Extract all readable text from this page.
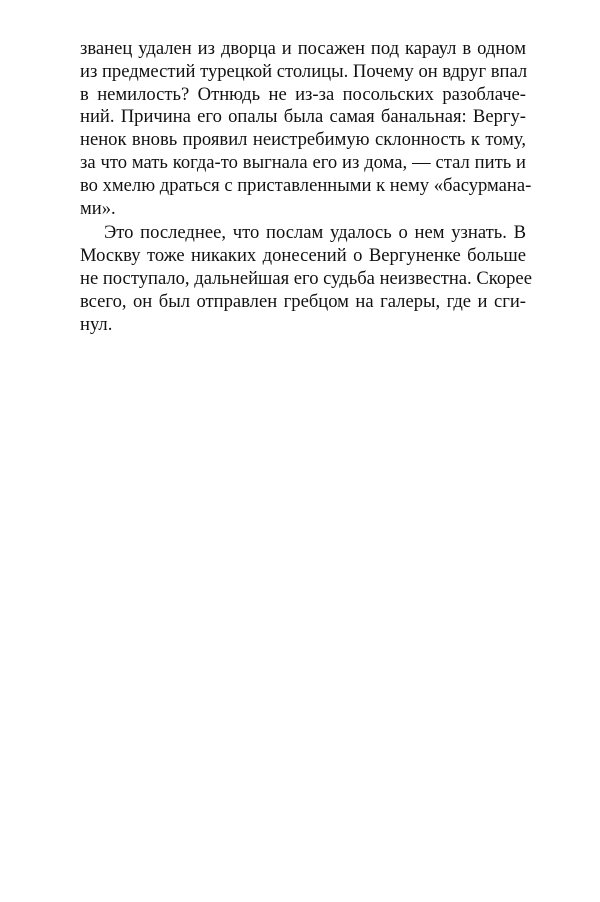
званец удален из дворца и посажен под караул в одном
из предместий турецкой столицы. Почему он вдруг впал
в немилость? Отнюдь не из-за посольских разоблаче-
ний. Причина его опалы была самая банальная: Вергу-
ненок вновь проявил неистребимую склонность к тому,
за что мать когда-то выгнала его из дома, — стал пить и
во хмелю драться с приставленными к нему «басурмана-
ми».
Это последнее, что послам удалось о нем узнать. В
Москву тоже никаких донесений о Вергуненке больше
не поступало, дальнейшая его судьба неизвестна. Скорее
всего, он был отправлен гребцом на галеры, где и сги-
нул.
